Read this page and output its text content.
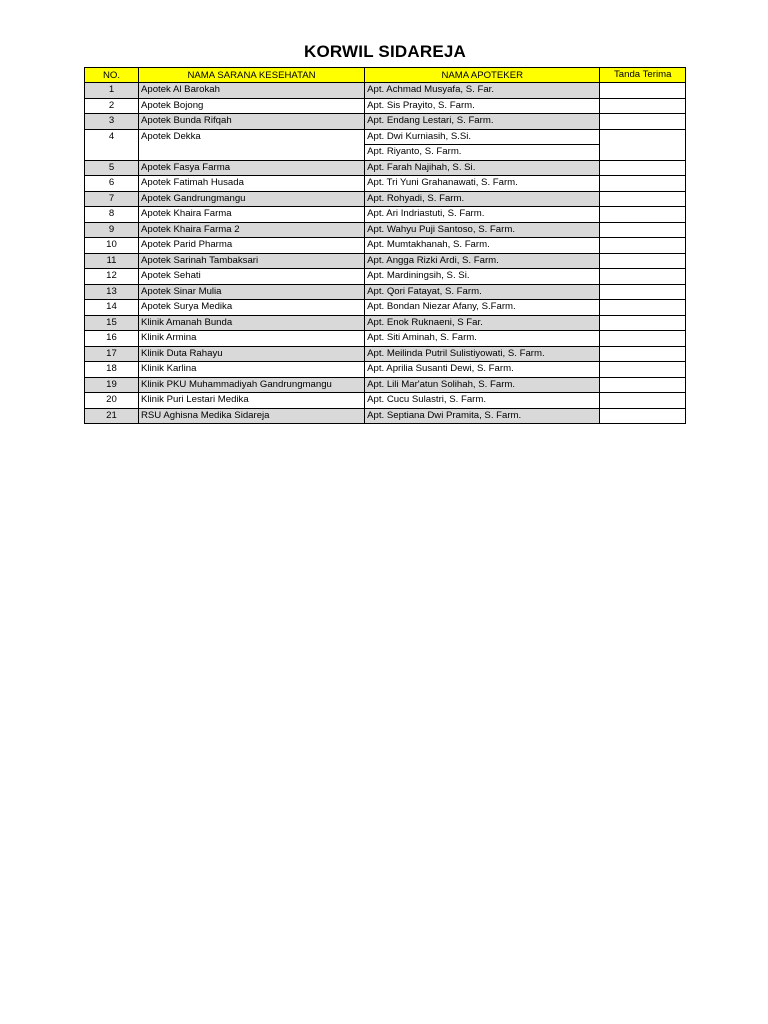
KORWIL SIDAREJA
NO.	NAMA SARANA KESEHATAN	NAMA APOTEKER	Tanda Terima
1	Apotek Al Barokah	Apt. Achmad Musyafa, S. Far.	
2	Apotek Bojong	Apt. Sis Prayito, S. Farm.	
3	Apotek Bunda Rifqah	Apt. Endang Lestari, S. Farm.	
4	Apotek Dekka	Apt. Dwi Kurniasih, S.Si.	
		Apt. Riyanto, S. Farm.	
5	Apotek Fasya Farma	Apt. Farah Najihah, S. Si.	
6	Apotek Fatimah Husada	Apt. Tri Yuni Grahanawati, S. Farm.	
7	Apotek Gandrungmangu	Apt. Rohyadi, S. Farm.	
8	Apotek Khaira Farma	Apt. Ari Indriastuti, S. Farm.	
9	Apotek Khaira Farma 2	Apt. Wahyu Puji Santoso, S. Farm.	
10	Apotek Parid Pharma	Apt. Mumtakhanah, S. Farm.	
11	Apotek Sarinah Tambaksari	Apt. Angga Rizki Ardi, S. Farm.	
12	Apotek Sehati	Apt. Mardiningsih, S. Si.	
13	Apotek Sinar Mulia	Apt. Qori Fatayat, S. Farm.	
14	Apotek Surya Medika	Apt. Bondan Niezar Afany, S.Farm.	
15	Klinik Amanah Bunda	Apt. Enok Ruknaeni, S Far.	
16	Klinik Armina	Apt. Siti Aminah, S. Farm.	
17	Klinik Duta Rahayu	Apt. Meilinda Putril Sulistiyowati, S. Farm.	
18	Klinik Karlina	Apt. Aprilia Susanti Dewi, S. Farm.	
19	Klinik PKU Muhammadiyah Gandrungmangu	Apt. Lili Mar'atun Solihah, S. Farm.	
20	Klinik Puri Lestari Medika	Apt. Cucu Sulastri, S. Farm.	
21	RSU Aghisna Medika Sidareja	Apt. Septiana Dwi Pramita, S. Farm.	
